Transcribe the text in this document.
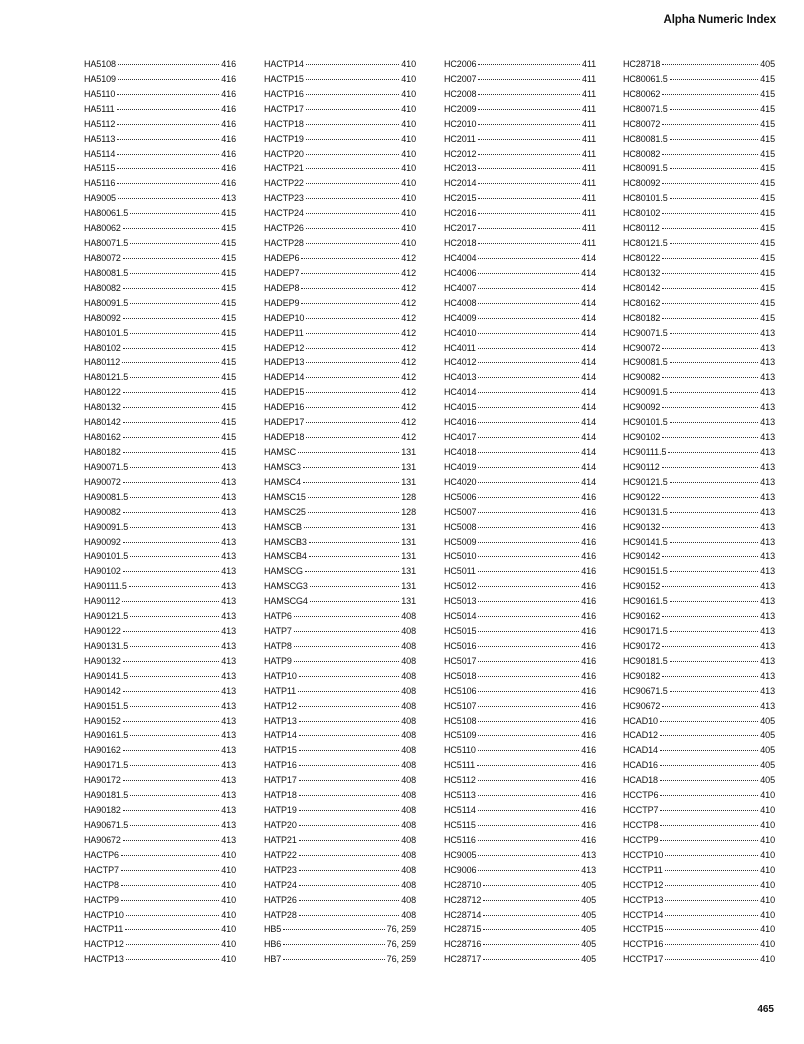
Alpha Numeric Index
HA5108	416
HA5109	416
HA5110	416
HA5111	416
HA5112	416
HA5113	416
HA5114	416
HA5115	416
HA5116	416
HA9005	413
HA80061.5	415
HA80062	415
HA80071.5	415
HA80072	415
HA80081.5	415
HA80082	415
HA80091.5	415
HA80092	415
HA80101.5	415
HA80102	415
HA80112	415
HA80121.5	415
HA80122	415
HA80132	415
HA80142	415
HA80162	415
HA80182	415
HA90071.5	413
HA90072	413
HA90081.5	413
HA90082	413
HA90091.5	413
HA90092	413
HA90101.5	413
HA90102	413
HA90111.5	413
HA90112	413
HA90121.5	413
HA90122	413
HA90131.5	413
HA90132	413
HA90141.5	413
HA90142	413
HA90151.5	413
HA90152	413
HA90161.5	413
HA90162	413
HA90171.5	413
HA90172	413
HA90181.5	413
HA90182	413
HA90671.5	413
HA90672	413
HACTP6	410
HACTP7	410
HACTP8	410
HACTP9	410
HACTP10	410
HACTP11	410
HACTP12	410
HACTP13	410
HACTP14	410
HACTP15	410
HACTP16	410
HACTP17	410
HACTP18	410
HACTP19	410
HACTP20	410
HACTP21	410
HACTP22	410
HACTP23	410
HACTP24	410
HACTP26	410
HACTP28	410
HADEP6	412
HADEP7	412
HADEP8	412
HADEP9	412
HADEP10	412
HADEP11	412
HADEP12	412
HADEP13	412
HADEP14	412
HADEP15	412
HADEP16	412
HADEP17	412
HADEP18	412
HAMSC	131
HAMSC3	131
HAMSC4	131
HAMSC15	128
HAMSC25	128
HAMSCB	131
HAMSCB3	131
HAMSCB4	131
HAMSCG	131
HAMSCG3	131
HAMSCG4	131
HATP6	408
HATP7	408
HATP8	408
HATP9	408
HATP10	408
HATP11	408
HATP12	408
HATP13	408
HATP14	408
HATP15	408
HATP16	408
HATP17	408
HATP18	408
HATP19	408
HATP20	408
HATP21	408
HATP22	408
HATP23	408
HATP24	408
HATP26	408
HATP28	408
HB5	76, 259
HB6	76, 259
HB7	76, 259
HC2006	411
HC2007	411
HC2008	411
HC2009	411
HC2010	411
HC2011	411
HC2012	411
HC2013	411
HC2014	411
HC2015	411
HC2016	411
HC2017	411
HC2018	411
HC4004	414
HC4006	414
HC4007	414
HC4008	414
HC4009	414
HC4010	414
HC4011	414
HC4012	414
HC4013	414
HC4014	414
HC4015	414
HC4016	414
HC4017	414
HC4018	414
HC4019	414
HC4020	414
HC5006	416
HC5007	416
HC5008	416
HC5009	416
HC5010	416
HC5011	416
HC5012	416
HC5013	416
HC5014	416
HC5015	416
HC5016	416
HC5017	416
HC5018	416
HC5106	416
HC5107	416
HC5108	416
HC5109	416
HC5110	416
HC5111	416
HC5112	416
HC5113	416
HC5114	416
HC5115	416
HC5116	416
HC9005	413
HC9006	413
HC28710	405
HC28712	405
HC28714	405
HC28715	405
HC28716	405
HC28717	405
HC28718	405
HC80061.5	415
HC80062	415
HC80071.5	415
HC80072	415
HC80081.5	415
HC80082	415
HC80091.5	415
HC80092	415
HC80101.5	415
HC80102	415
HC80112	415
HC80121.5	415
HC80122	415
HC80132	415
HC80142	415
HC80162	415
HC80182	415
HC90071.5	413
HC90072	413
HC90081.5	413
HC90082	413
HC90091.5	413
HC90092	413
HC90101.5	413
HC90102	413
HC90111.5	413
HC90112	413
HC90121.5	413
HC90122	413
HC90131.5	413
HC90132	413
HC90141.5	413
HC90142	413
HC90151.5	413
HC90152	413
HC90161.5	413
HC90162	413
HC90171.5	413
HC90172	413
HC90181.5	413
HC90182	413
HC90671.5	413
HC90672	413
HCAD10	405
HCAD12	405
HCAD14	405
HCAD16	405
HCAD18	405
HCCTP6	410
HCCTP7	410
HCCTP8	410
HCCTP9	410
HCCTP10	410
HCCTP11	410
HCCTP12	410
HCCTP13	410
HCCTP14	410
HCCTP15	410
HCCTP16	410
HCCTP17	410
465
